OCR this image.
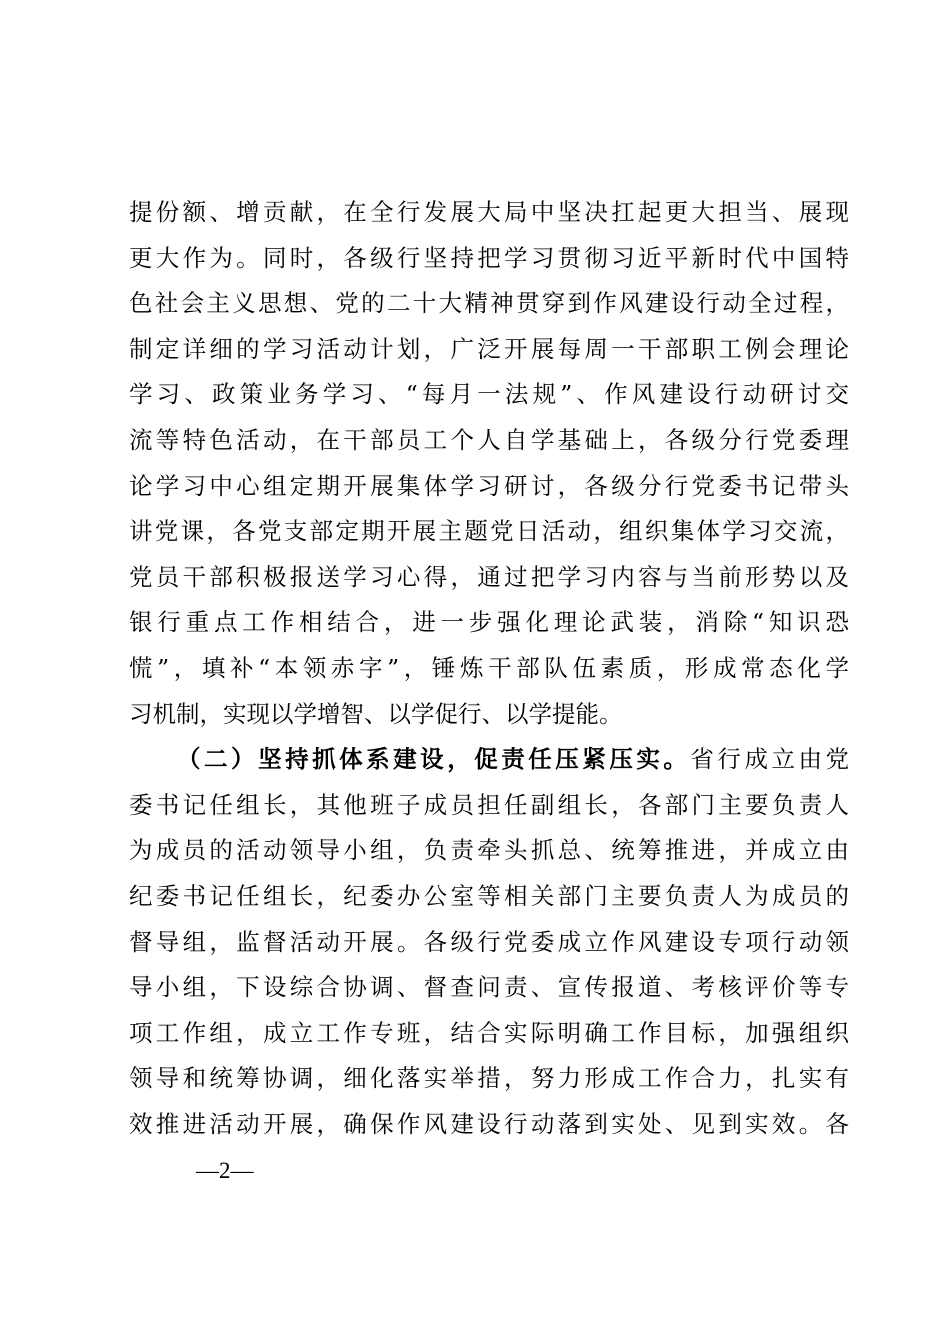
提份额、增贡献，在全行发展大局中坚决扛起更大担当、展现
更大作为。同时，各级行坚持把学习贯彻习近平新时代中国特
色社会主义思想、党的二十大精神贯穿到作风建设行动全过程，
制定详细的学习活动计划，广泛开展每周一干部职工例会理论
学习、政策业务学习、“每月一法规”、作风建设行动研讨交
流等特色活动，在干部员工个人自学基础上，各级分行党委理
论学习中心组定期开展集体学习研讨，各级分行党委书记带头
讲党课，各党支部定期开展主题党日活动，组织集体学习交流，
党员干部积极报送学习心得，通过把学习内容与当前形势以及
银行重点工作相结合，进一步强化理论武装，消除“知识恐
慌”，填补“本领赤字”，锤炼干部队伍素质，形成常态化学
习机制，实现以学增智、以学促行、以学提能。
（二）坚持抓体系建设，促责任压紧压实。省行成立由党
委书记任组长，其他班子成员担任副组长，各部门主要负责人
为成员的活动领导小组，负责牵头抓总、统筹推进，并成立由
纪委书记任组长，纪委办公室等相关部门主要负责人为成员的
督导组，监督活动开展。各级行党委成立作风建设专项行动领
导小组，下设综合协调、督查问责、宣传报道、考核评价等专
项工作组，成立工作专班，结合实际明确工作目标，加强组织
领导和统筹协调，细化落实举措，努力形成工作合力，扎实有
效推进活动开展，确保作风建设行动落到实处、见到实效。各
—2—
